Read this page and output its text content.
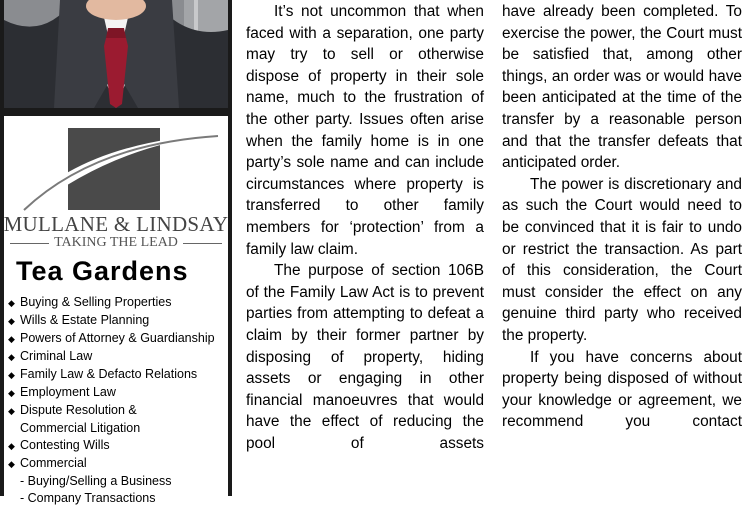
MULLANE & LINDSAY
TAKING THE LEAD
Tea Gardens
◆ Buying & Selling Properties
◆ Wills & Estate Planning
◆ Powers of Attorney & Guardianship
◆ Criminal Law
◆ Family Law & Defacto Relations
◆ Employment Law
◆ Dispute Resolution &
Commercial Litigation
◆ Contesting Wills
◆ Commercial
- Buying/Selling a Business
- Company Transactions

It’s not uncommon that when faced with a separation, one party may try to sell or otherwise dispose of property in their sole name, much to the frustration of the other party. Issues often arise when the family home is in one party’s sole name and can include circumstances where property is transferred to other family members for ‘protection’ from a family law claim.

The purpose of section 106B of the Family Law Act is to prevent parties from attempting to defeat a claim by their former partner by disposing of property, hiding assets or engaging in other financial manoeuvres that would have the effect of reducing the pool of assets

have already been completed. To exercise the power, the Court must be satisfied that, among other things, an order was or would have been anticipated at the time of the transfer by a reasonable person and that the transfer defeats that anticipated order.

The power is discretionary and as such the Court would need to be convinced that it is fair to undo or restrict the transaction. As part of this consideration, the Court must consider the effect on any genuine third party who received the property.

If you have concerns about property being disposed of without your knowledge or agreement, we recommend you contact
